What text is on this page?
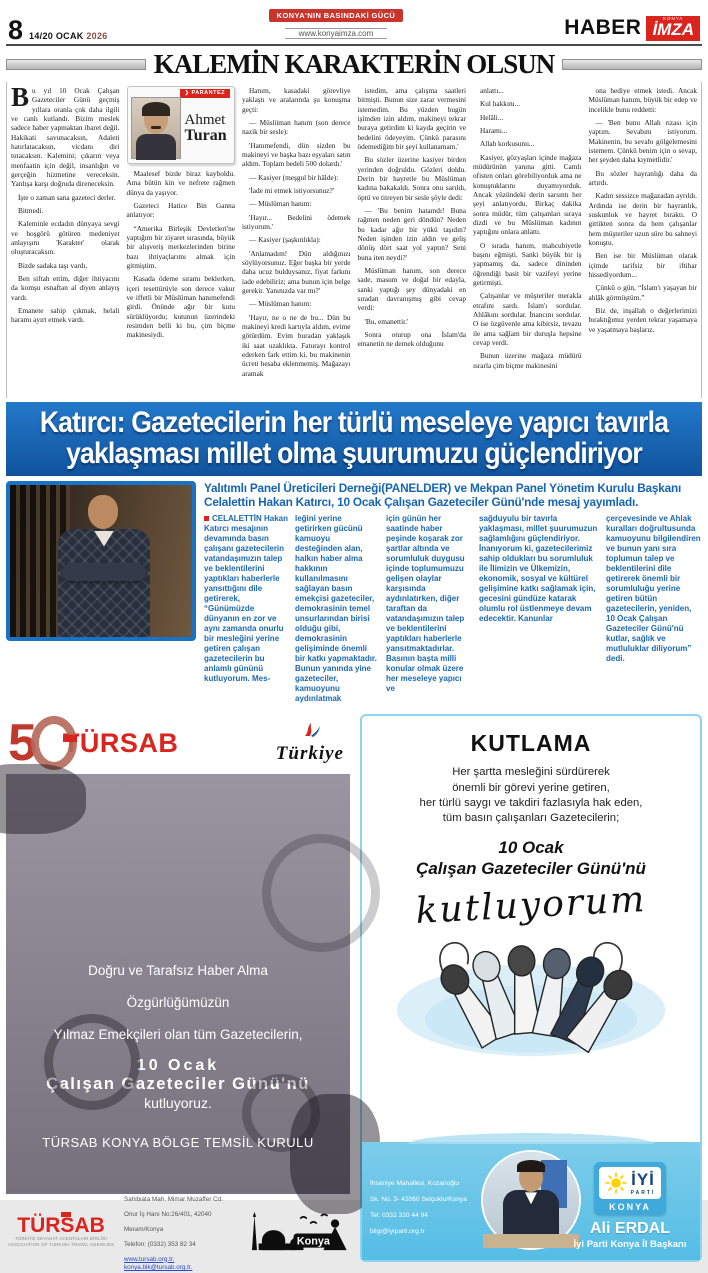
8 14/20 OCAK 2026
KONYA'NIN BASINDAKİ GÜCÜ
www.konyaimza.com	HABER	KONYA
İMZA
KALEMİN KARAKTERİN OLSUN

Bu yıl 10 Ocak Çalışan Gazeteciler Günü geçmiş yıllara oranla çok daha ilgili ve canlı kutlandı. Bizim meslek sadece haber yapmaktan ibaret değil. Hakikati savunacaksın, Adaleti hatırlatacaksın, vicdanı diri tutacaksın. Kalemini; çıkarın veya menfaatin için değil, insanlığın ve gerçeğin hizmetine vereceksin. Yanlışa karşı doğruda direneceksin.

İşte o zaman sana gazeteci derler.

Bitmedi.

Kaleminle ecdadın dünyaya sevgi ve hoşgörü götüren medeniyet anlayışını 'Karakter' olarak oluşturacaksın.

Bizde sadaka taşı vardı.

Ben siftah ettim, diğer ihtiyacını da komşu esnaftan al diyen anlayış vardı.

Emanete sahip çıkmak, helali haramı ayırt etmek vardı.

❯ PARANTEZ
Ahmet
Turan

Maalesef bizde biraz kayboldu. Ama bütün kin ve nefrete rağmen dünya da yaşıyor.

Gazeteci Hatice Bin Ganna anlatıyor:

“Amerika Birleşik Devletleri'ne yaptığım bir ziyaret sırasında, büyük bir alışveriş merkezlerinden birine bazı ihtiyaçlarımı almak için gitmiştim.

Kasada ödeme sıramı beklerken, içeri tesettürüyle son derece vakur ve iffetli bir Müslüman hanımefendi girdi. Önünde ağır bir kutu sürüklüyordu; kutunun üzerindeki resimden belli ki bu, çim biçme makinesiydi.

Hanım, kasadaki görevliye yaklaştı ve aralarında şu konuşma geçti:

— Müslüman hanım (son derece nazik bir sesle):

'Hanımefendi, dün sizden bu makineyi ve başka bazı eşyaları satın aldım. Toplam bedeli 500 dolardı.'

— Kasiyer (meşgul bir hâlde):

'İade mi etmek istiyorsunuz?'

— Müslüman hanım:

'Hayır... Bedelini ödemek istiyorum.'

— Kasiyer (şaşkınlıkla):

'Anlamadım! Dün aldığınızı söylüyorsunuz. Eğer başka bir yerde daha ucuz bulduysanız, fiyat farkını iade edebiliriz; ama bunun için belge gerekir. Yanınızda var mı?'

— Müslüman hanım:

'Hayır, ne o ne de bu... Dün bu makineyi kredi kartıyla aldım, evime götürdüm. Evim buradan yaklaşık iki saat uzaklıkta. Faturayı kontrol ederken fark ettim ki, bu makinenin ücreti hesaba eklenmemiş. Mağazayı aramak

istedim, ama çalışma saatleri bitmişti. Bunun size zarar vermesini istemedim. Bu yüzden bugün işimden izin aldım, makineyi tekrar buraya getirdim ki kayda geçirin ve bedelini ödeyeyim. Çünkü parasını ödemediğim bir şeyi kullanamam.'

Bu sözler üzerine kasiyer birden yerinden doğruldu. Gözleri doldu. Derin bir hayretle bu Müslüman kadına bakakaldı. Sonra onu sarıldı, öptü ve titreyen bir sesle şöyle dedi:

— 'Bu benim hatamdı! Buna rağmen neden geri döndün? Neden bu kadar ağır bir yükü taşıdın? Neden işinden izin aldın ve geliş dönüş dört saat yol yaptın? Seni buna iten neydi?'

Müslüman hanım, son derece sade, masum ve doğal bir edayla, sanki yaptığı şey dünyadaki en sıradan davranışmış gibi cevap verdi:

'Bu, emanettir.'

Sonra oturup ona İslam'da emanetin ne demek olduğunu

anlattı...

Kul hakkını...

Helâli...

Haramı...

Allah korkusunu...

Kasiyer, gözyaşları içinde mağaza müdürünün yanına gitti. Camlı ofisten onları görebiliyorduk ama ne konuştuklarını duyamıyorduk. Ancak yüzündeki derin sarsıntı her şeyi anlatıyordu. Birkaç dakika sonra müdür, tüm çalışanları sıraya dizdi ve bu Müslüman kadının yaptığını onlara anlattı.

O sırada hanım, mahcubiyetle başını eğmişti. Sanki büyük bir iş yapmamış da, sadece dininden öğrendiği basit bir vazifeyi yerine getirmişti.

Çalışanlar ve müşteriler merakla etrafını sardı. İslam'ı sordular. Ahlâkını sordular. İnancını sordular. O ise özgüvenle ama kibirsiz, tevazu ile ama sağlam bir duruşla hepsine cevap verdi.

Bunun üzerine mağaza müdürü ısrarla çim biçme makinesini

ona hediye etmek istedi. Ancak Müslüman hanım, büyük bir edep ve incelikle bunu reddetti:

— 'Ben bunu Allah rızası için yaptım. Sevabını istiyorum. Makinenin, bu sevabı gölgelemesini istemem. Çünkü benim için o sevap, her şeyden daha kıymetlidir.'

Bu sözler hayranlığı daha da artırdı.

Kadın sessizce mağazadan ayrıldı. Ardında ise derin bir hayranlık, suskunluk ve hayret bıraktı. O gittikten sonra da hem çalışanlar hem müşteriler uzun süre bu sahneyi konuştu.

Ben ise bir Müslüman olarak içimde tarifsiz bir iftihar hissediyordum...

Çünkü o gün, “İslam'ı yaşayan bir ahlâk görmüştüm.”

Biz de, inşallah o değerlerimizi bıraktığımız yerden tekrar yaşamaya ve yaşatmaya başlarız.

Katırcı: Gazetecilerin her türlü meseleye yapıcı tavırla
yaklaşması millet olma şuurumuzu güçlendiriyor

Yalıtımlı Panel Üreticileri Derneği(PANELDER) ve Mekpan Panel Yönetim Kurulu Başkanı Celalettin Hakan Katırcı, 10 Ocak Çalışan Gazeteciler Günü'nde mesaj yayımladı.

CELALETTİN Hakan Katırcı mesajının devamında basın çalışanı gazetecilerin vatandaşımızın talep ve beklentilerini yaptıkları haberlerle yansıttığını dile getirerek, “Günümüzde dünyanın en zor ve aynı zamanda onurlu bir mesleğini yerine getiren çalışan gazetecilerin bu anlamlı gününü kutluyorum. Mes-
leğini yerine getirirken gücünü kamuoyu desteğinden alan, halkın haber alma hakkının kullanılmasını sağlayan basın emekçisi gazeteciler, demokrasinin temel unsurlarından birisi olduğu gibi, demokrasinin gelişiminde önemli bir katkı yapmaktadır. Bunun yanında yine gazeteciler, kamuoyunu aydınlatmak
için günün her saatinde haber peşinde koşarak zor şartlar altında ve sorumluluk duygusu içinde toplumumuzu gelişen olaylar karşısında aydınlatırken, diğer taraftan da vatandaşımızın talep ve beklentilerini yaptıkları haberlerle yansıtmaktadırlar. Basının başta milli konular olmak üzere her meseleye yapıcı ve
sağduyulu bir tavırla yaklaşması, millet şuurumuzun sağlamlığını güçlendiriyor. İnanıyorum ki, gazetecilerimiz sahip oldukları bu sorumluluk ile İlimizin ve Ülkemizin, ekonomik, sosyal ve kültürel gelişimine katkı sağlamak için, gecesini gündüze katarak olumlu rol üstlenmeye devam edecektir. Kanunlar
çerçevesinde ve Ahlak kuralları doğrultusunda kamuoyunu bilgilendiren ve bunun yanı sıra toplumun talep ve beklentilerini dile getirerek önemli bir sorumluluğu yerine getiren bütün gazetecilerin, yeniden, 10 Ocak Çalışan Gazeteciler Günü'nü kutlar, sağlık ve mutluluklar diliyorum” dedi.
5 TÜRSAB	Türkiye

Doğru ve Tarafsız Haber Alma

Özgürlüğümüzün

Yılmaz Emekçileri olan tüm Gazetecilerin,

10 Ocak
Çalışan Gazeteciler Günü'nü
kutluyoruz.
TÜRSAB KONYA BÖLGE TEMSİL KURULU
TÜRSAB
TÜRKİYE SEYAHAT ACENTALARI BİRLİĞİ
ASSOCIATION OF TURKISH TRAVEL AGENCIES

Sahibiata Mah. Mimar Muzaffer Cd.

Onur İş Hanı No:26/401, 42040

Meram/Konya

Telefon: (0332) 353 82 34

www.tursab.org.tr.
konya.blk@tursab.org.tr.
Konya
KUTLAMA

Her şartta mesleğini sürdürerek

önemli bir görevi yerine getiren,

her türlü saygı ve takdiri fazlasıyla hak eden,

tüm basın çalışanları Gazetecilerin;

10 Ocak
Çalışan Gazeteciler Günü'nü
kutluyorum

İhsaniye Mahallesi, Kozanoğlu

Sk. No. 3- 42060 Selçuklu/Konya

Tel: 0332 320 44 94

bilgi@iyiparti.org.tr

İYİ
PARTİ
KONYA
Ali ERDAL
İyi Parti Konya İl Başkanı
